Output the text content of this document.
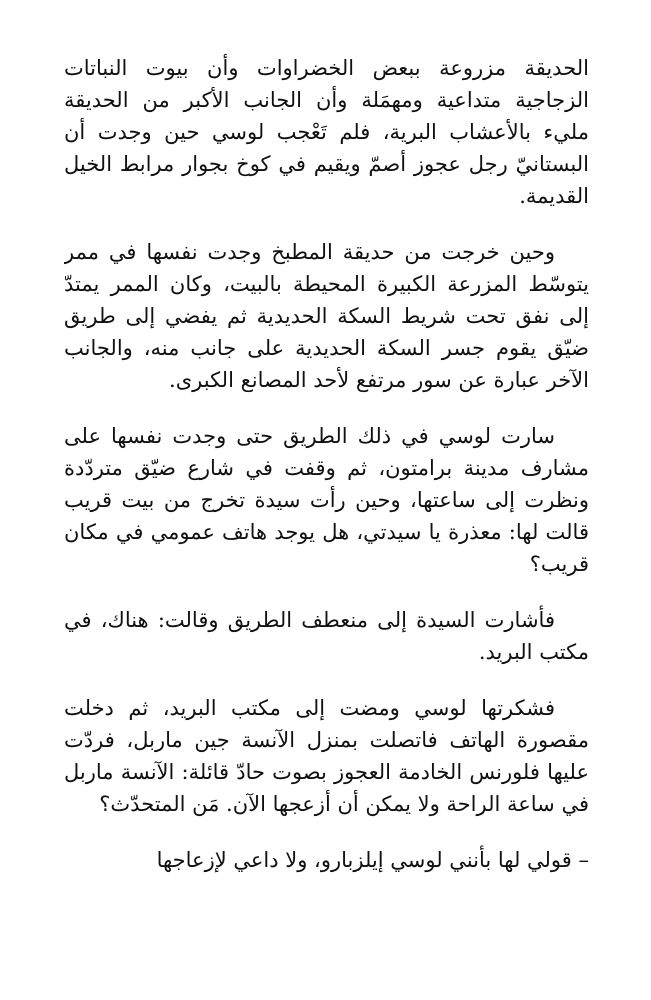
الحديقة مزروعة ببعض الخضراوات وأن بيوت النباتات الزجاجية متداعية ومهمَلة وأن الجانب الأكبر من الحديقة مليء بالأعشاب البرية، فلم تَعْجب لوسي حين وجدت أن البستانيّ رجل عجوز أصمّ ويقيم في كوخ بجوار مرابط الخيل القديمة.

وحين خرجت من حديقة المطبخ وجدت نفسها في ممر يتوسّط المزرعة الكبيرة المحيطة بالبيت، وكان الممر يمتدّ إلى نفق تحت شريط السكة الحديدية ثم يفضي إلى طريق ضيّق يقوم جسر السكة الحديدية على جانب منه، والجانب الآخر عبارة عن سور مرتفع لأحد المصانع الكبرى.

سارت لوسي في ذلك الطريق حتى وجدت نفسها على مشارف مدينة برامتون، ثم وقفت في شارع ضيّق متردّدة ونظرت إلى ساعتها، وحين رأت سيدة تخرج من بيت قريب قالت لها: معذرة يا سيدتي، هل يوجد هاتف عمومي في مكان قريب؟

فأشارت السيدة إلى منعطف الطريق وقالت: هناك، في مكتب البريد.

فشكرتها لوسي ومضت إلى مكتب البريد، ثم دخلت مقصورة الهاتف فاتصلت بمنزل الآنسة جين ماربل، فردّت عليها فلورنس الخادمة العجوز بصوت حادّ قائلة: الآنسة ماربل في ساعة الراحة ولا يمكن أن أزعجها الآن. مَن المتحدّث؟

– قولي لها بأنني لوسي إيلزبارو، ولا داعي لإزعاجها
